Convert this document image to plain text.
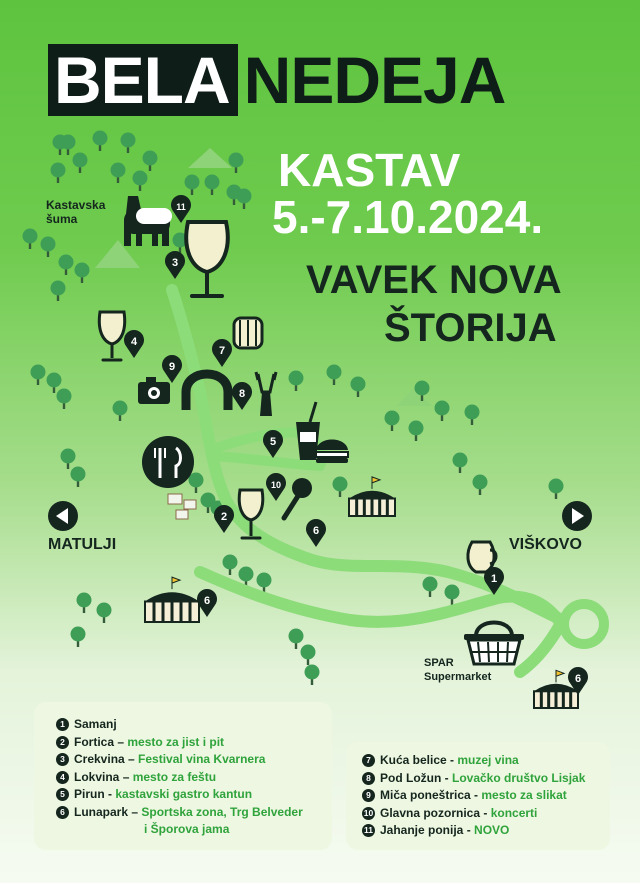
11
3
4
7
9
8
5
10
2
6
6
1
6
BELA NEDEJA
KASTAV
5.-7.10.2024.
VAVEK NOVA
ŠTORIJA
Kastavska šuma
MATULJI	VIŠKOVO
SPAR
Supermarket
1 Samanj
2 Fortica – mesto za jist i pit
3 Crekvina – Festival vina Kvarnera
4 Lokvina – mesto za feštu
5 Pirun - kastavski gastro kantun
6 Lunapark – Sportska zona, Trg Belveder
i Šporova jama
7 Kuća belice - muzej vina
8 Pod Ložun - Lovačko društvo Lisjak
9 Miča poneštrica - mesto za slikat
10 Glavna pozornica - koncerti
11 Jahanje ponija - NOVO
